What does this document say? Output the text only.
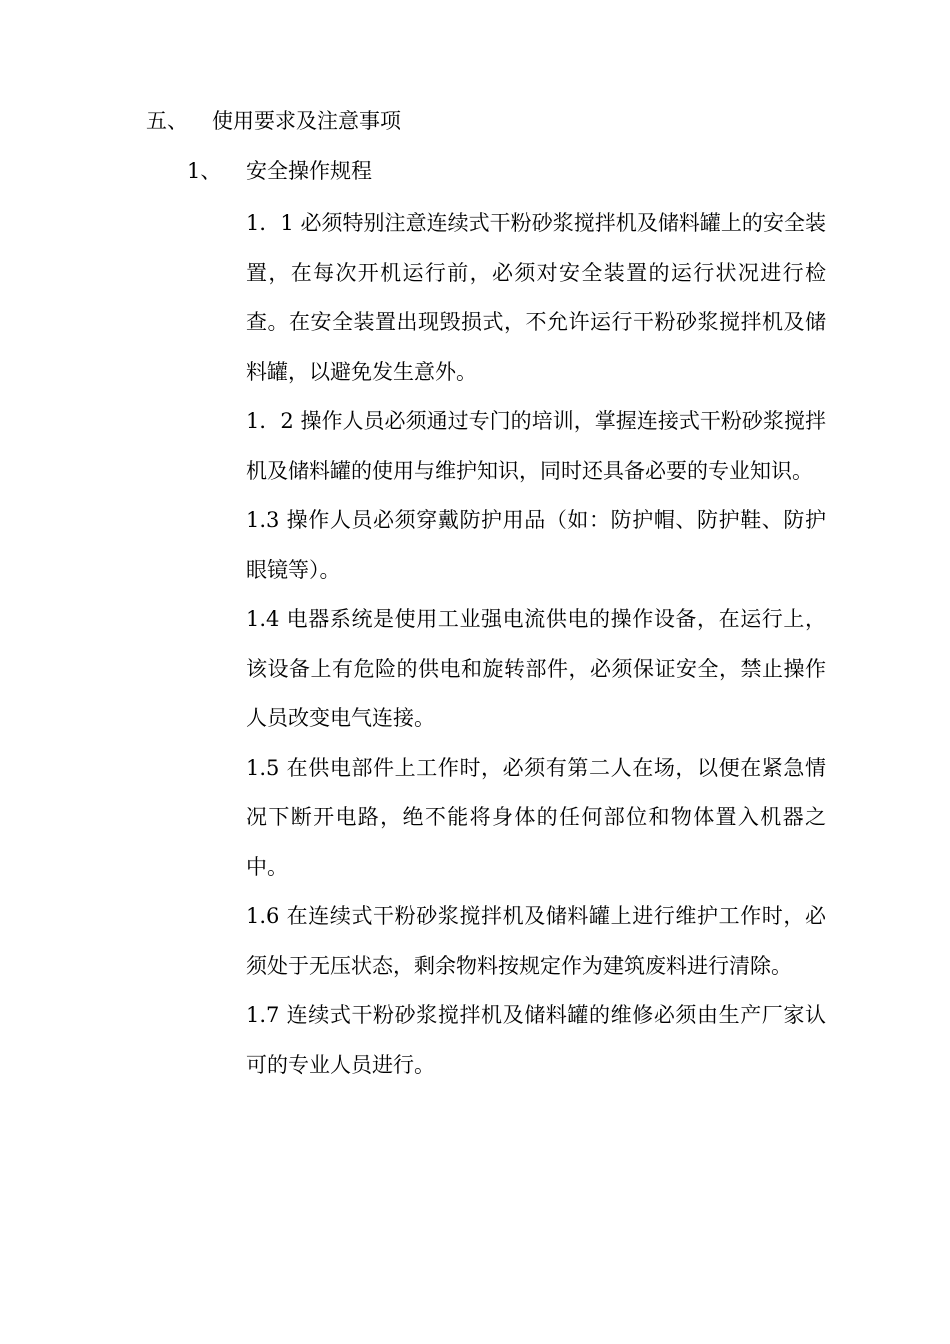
五、 使用要求及注意事项
1、 安全操作规程
1．1 必须特别注意连续式干粉砂浆搅拌机及储料罐上的安全装置，在每次开机运行前，必须对安全装置的运行状况进行检查。在安全装置出现毁损式，不允许运行干粉砂浆搅拌机及储料罐，以避免发生意外。
1．2 操作人员必须通过专门的培训，掌握连接式干粉砂浆搅拌机及储料罐的使用与维护知识，同时还具备必要的专业知识。
1.3 操作人员必须穿戴防护用品（如：防护帽、防护鞋、防护眼镜等）。
1.4 电器系统是使用工业强电流供电的操作设备，在运行上，该设备上有危险的供电和旋转部件，必须保证安全，禁止操作人员改变电气连接。
1.5 在供电部件上工作时，必须有第二人在场，以便在紧急情况下断开电路，绝不能将身体的任何部位和物体置入机器之中。
1.6 在连续式干粉砂浆搅拌机及储料罐上进行维护工作时，必须处于无压状态，剩余物料按规定作为建筑废料进行清除。
1.7 连续式干粉砂浆搅拌机及储料罐的维修必须由生产厂家认可的专业人员进行。
